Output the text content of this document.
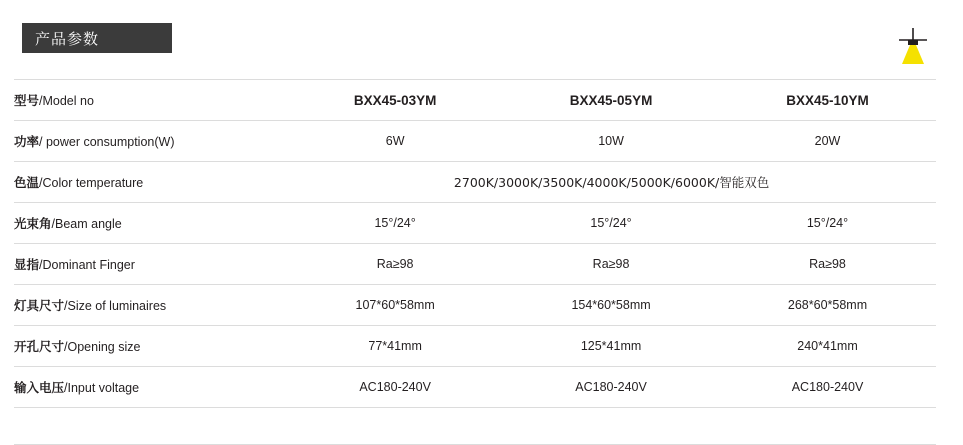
产品参数
型号/Model no	BXX45-03YM	BXX45-05YM	BXX45-10YM
功率/ power consumption(W)	6W	10W	20W
色温/Color temperature	2700K/3000K/3500K/4000K/5000K/6000K/智能双色		
光束角/Beam angle	15°/24°	15°/24°	15°/24°
显指/Dominant Finger	Ra≥98	Ra≥98	Ra≥98
灯具尺寸/Size of luminaires	107*60*58mm	154*60*58mm	268*60*58mm
开孔尺寸/Opening size	77*41mm	125*41mm	240*41mm
输入电压/Input voltage	AC180-240V	AC180-240V	AC180-240V
